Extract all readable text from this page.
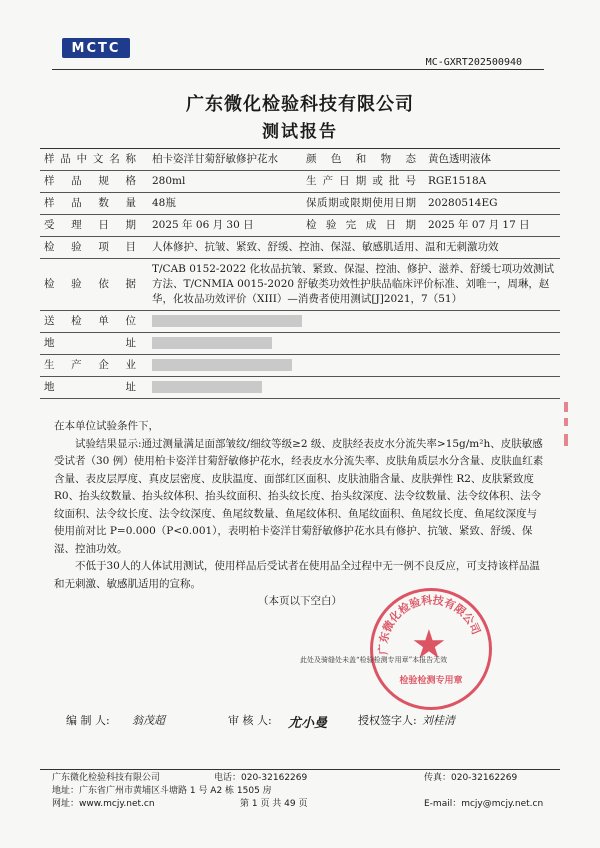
MCTC
MC-GXRT202500940
广东微化检验科技有限公司
测试报告
样品中文名称	柏卡姿洋甘菊舒敏修护花水	颜色和物态	黄色透明液体
样品规格	280ml	生产日期或批号	RGE1518A
样品数量	48瓶	保质期或限期使用日期	20280514EG
受理日期	2025 年 06 月 30 日	检验完成日期	2025 年 07 月 17 日
检验项目	人体修护、抗皱、紧致、舒缓、控油、保湿、敏感肌适用、温和无刺激功效		
检验依据	T/CAB 0152-2022 化妆品抗皱、紧致、保湿、控油、修护、滋养、舒缓七项功效测试方法、T/CNMIA 0015-2020 舒敏类功效性护肤品临床评价标准、刘唯一，周琳，赵华，化妆品功效评价（XIII）—消费者使用测试[J]2021，7（51）		
送检单位			
地址			
生产企业			
地址			

在本单位试验条件下，

试验结果显示:通过测量满足面部皱纹/细纹等级≥2 级、皮肤经表皮水分流失率>15g/m²h、皮肤敏感受试者（30 例）使用柏卡姿洋甘菊舒敏修护花水，经表皮水分流失率、皮肤角质层水分含量、皮肤血红素含量、表皮层厚度、真皮层密度、皮肤温度、面部红区面积、皮肤油脂含量、皮肤弹性 R2、皮肤紧致度 R0、抬头纹数量、抬头纹体积、抬头纹面积、抬头纹长度、抬头纹深度、法令纹数量、法令纹体积、法令纹面积、法令纹长度、法令纹深度、鱼尾纹数量、鱼尾纹体积、鱼尾纹面积、鱼尾纹长度、鱼尾纹深度与使用前对比 P=0.000（P<0.001），表明柏卡姿洋甘菊舒敏修护花水具有修护、抗皱、紧致、舒缓、保湿、控油功效。

不低于30人的人体试用测试，使用样品后受试者在使用品全过程中无一例不良反应，可支持该样品温和无刺激、敏感肌适用的宣称。

（本页以下空白）

广东微化检验科技有限公司
★
检验检测专用章
此处及骑缝处未盖“检验检测专用章”本报告无效
编 制 人: 翁茂超	审 核 人: 尤小曼	授权签字人: 刘桂清
广东微化检验科技有限公司	电话：020-32162269	传真：020-32162269
地址：广东省广州市黄埔区斗塘路 1 号 A2 栋 1505 房
网址：www.mcjy.net.cn	第 1 页 共 49 页	E-mail：mcjy@mcjy.net.cn
